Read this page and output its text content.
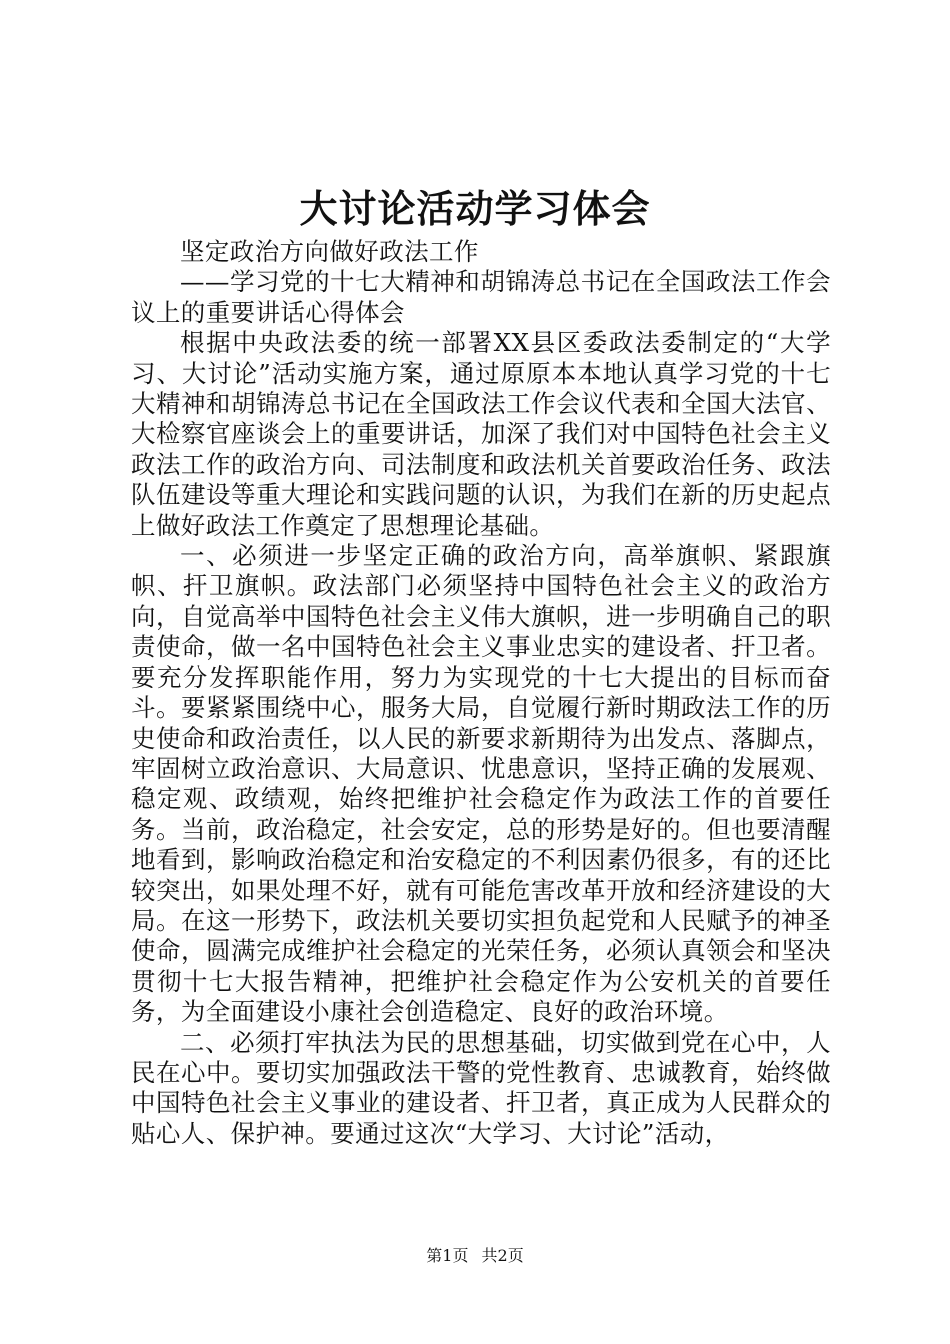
大讨论活动学习体会

坚定政治方向做好政法工作

——学习党的十七大精神和胡锦涛总书记在全国政法工作会议上的重要讲话心得体会

根据中央政法委的统一部署XX县区委政法委制定的“大学习、大讨论”活动实施方案，通过原原本本地认真学习党的十七大精神和胡锦涛总书记在全国政法工作会议代表和全国大法官、大检察官座谈会上的重要讲话，加深了我们对中国特色社会主义政法工作的政治方向、司法制度和政法机关首要政治任务、政法队伍建设等重大理论和实践问题的认识，为我们在新的历史起点上做好政法工作奠定了思想理论基础。

一、必须进一步坚定正确的政治方向，高举旗帜、紧跟旗帜、扞卫旗帜。政法部门必须坚持中国特色社会主义的政治方向，自觉高举中国特色社会主义伟大旗帜，进一步明确自己的职责使命，做一名中国特色社会主义事业忠实的建设者、扞卫者。要充分发挥职能作用，努力为实现党的十七大提出的目标而奋斗。要紧紧围绕中心，服务大局，自觉履行新时期政法工作的历史使命和政治责任，以人民的新要求新期待为出发点、落脚点，牢固树立政治意识、大局意识、忧患意识，坚持正确的发展观、稳定观、政绩观，始终把维护社会稳定作为政法工作的首要任务。当前，政治稳定，社会安定，总的形势是好的。但也要清醒地看到，影响政治稳定和治安稳定的不利因素仍很多，有的还比较突出，如果处理不好，就有可能危害改革开放和经济建设的大局。在这一形势下，政法机关要切实担负起党和人民赋予的神圣使命，圆满完成维护社会稳定的光荣任务，必须认真领会和坚决贯彻十七大报告精神，把维护社会稳定作为公安机关的首要任务，为全面建设小康社会创造稳定、良好的政治环境。

二、必须打牢执法为民的思想基础，切实做到党在心中，人民在心中。要切实加强政法干警的党性教育、忠诚教育，始终做中国特色社会主义事业的建设者、扞卫者，真正成为人民群众的贴心人、保护神。要通过这次“大学习、大讨论”活动，

第1页 共2页
